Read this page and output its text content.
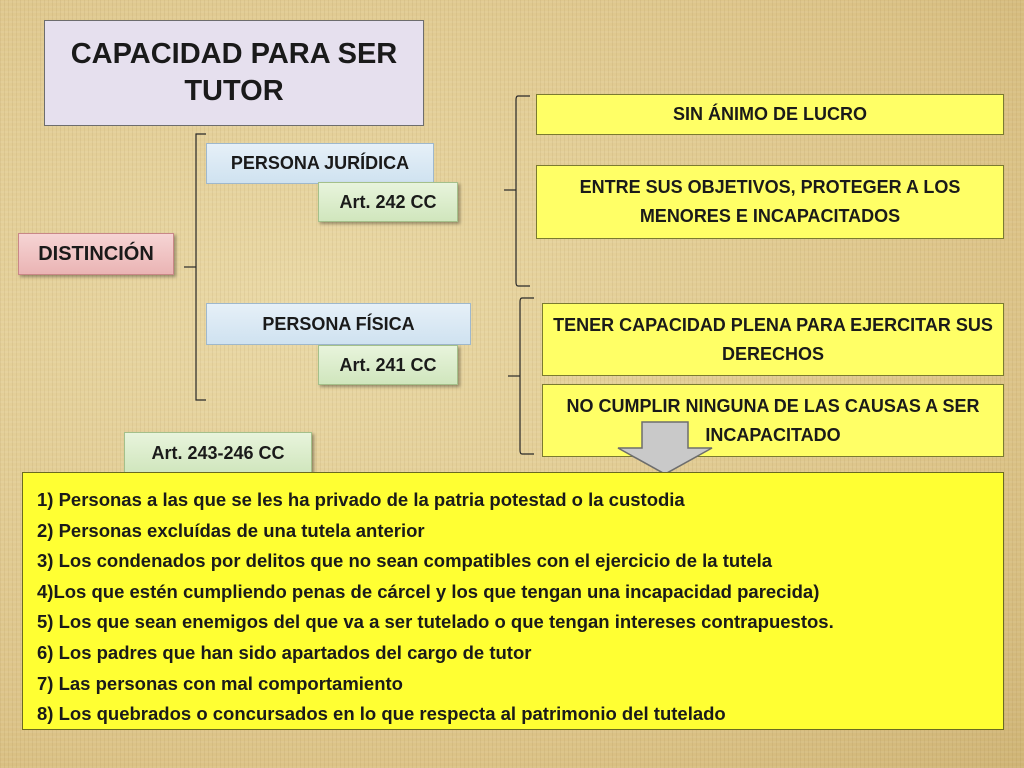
CAPACIDAD PARA SER TUTOR
DISTINCIÓN
PERSONA JURÍDICA
Art. 242 CC
PERSONA FÍSICA
Art. 241 CC
SIN ÁNIMO DE LUCRO
ENTRE SUS OBJETIVOS, PROTEGER A LOS MENORES E INCAPACITADOS
TENER CAPACIDAD PLENA PARA EJERCITAR SUS DERECHOS
NO CUMPLIR NINGUNA DE LAS CAUSAS A SER INCAPACITADO
Art. 243-246 CC
1) Personas a las que se les ha privado de la patria potestad o la custodia
2) Personas excluídas de una tutela anterior
3) Los condenados por delitos que no sean compatibles con el ejercicio de la tutela
4)Los que estén cumpliendo penas de cárcel y los que tengan una incapacidad parecida)
5) Los que sean enemigos del que va a ser tutelado o que tengan intereses contrapuestos.
6) Los padres que han sido apartados del cargo de tutor
7) Las personas con mal comportamiento
8) Los quebrados o concursados en lo que respecta al patrimonio del tutelado
